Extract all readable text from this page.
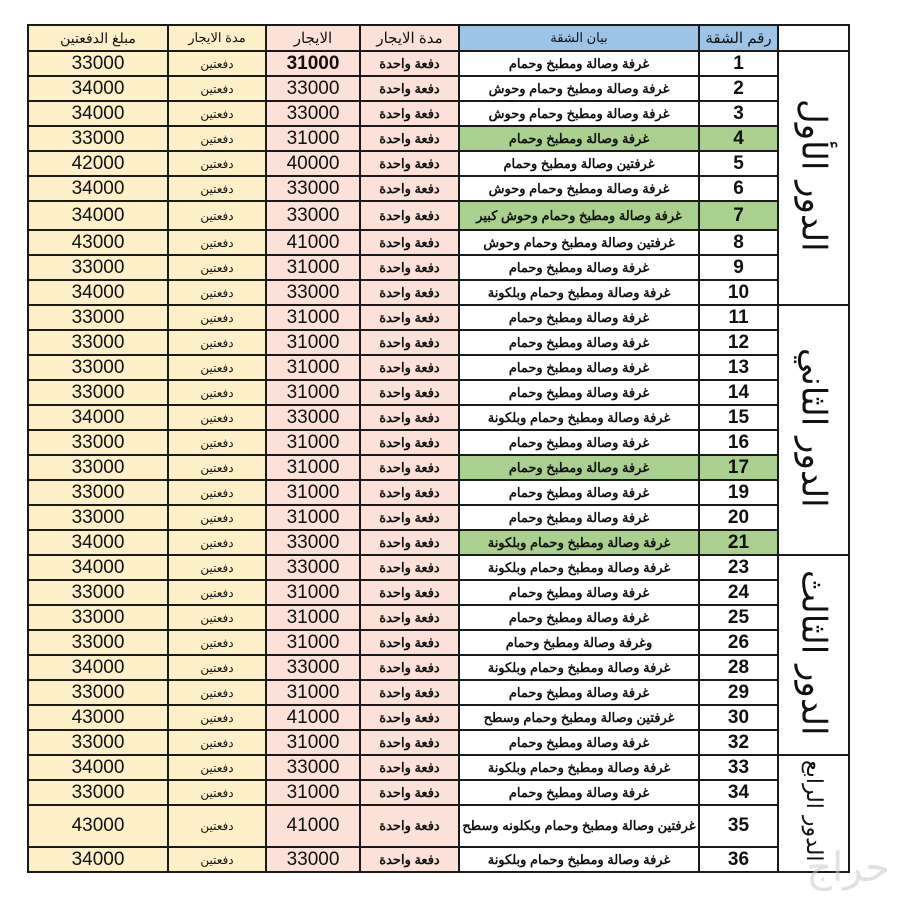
مبلغ الدفعتين	مدة الايجار	الايجار	مدة الايجار	بيان الشقة	رقم الشقة	
33000	دفعتين	31000	دفعة واحدة	غرفة وصالة ومطبخ وحمام	1	الدور الأول
34000	دفعتين	33000	دفعة واحدة	غرفة وصالة ومطبخ وحمام وحوش	2	
34000	دفعتين	33000	دفعة واحدة	غرفة وصالة ومطبخ وحمام وحوش	3	
33000	دفعتين	31000	دفعة واحدة	غرفة وصالة ومطبخ وحمام	4	
42000	دفعتين	40000	دفعة واحدة	غرفتين وصالة ومطبخ وحمام	5	
34000	دفعتين	33000	دفعة واحدة	غرفة وصالة ومطبخ وحمام وحوش	6	
34000	دفعتين	33000	دفعة واحدة	غرفة وصالة ومطبخ وحمام وحوش كبير	7	
43000	دفعتين	41000	دفعة واحدة	غرفتين وصالة ومطبخ وحمام وحوش	8	
33000	دفعتين	31000	دفعة واحدة	غرفة وصالة ومطبخ وحمام	9	
34000	دفعتين	33000	دفعة واحدة	غرفة وصالة ومطبخ وحمام وبلكونة	10	
33000	دفعتين	31000	دفعة واحدة	غرفة وصالة ومطبخ وحمام	11	الدور الثاني
33000	دفعتين	31000	دفعة واحدة	غرفة وصالة ومطبخ وحمام	12	
33000	دفعتين	31000	دفعة واحدة	غرفة وصالة ومطبخ وحمام	13	
33000	دفعتين	31000	دفعة واحدة	غرفة وصالة ومطبخ وحمام	14	
34000	دفعتين	33000	دفعة واحدة	غرفة وصالة ومطبخ وحمام وبلكونة	15	
33000	دفعتين	31000	دفعة واحدة	غرفة وصالة ومطبخ وحمام	16	
33000	دفعتين	31000	دفعة واحدة	غرفة وصالة ومطبخ وحمام	17	
33000	دفعتين	31000	دفعة واحدة	غرفة وصالة ومطبخ وحمام	19	
33000	دفعتين	31000	دفعة واحدة	غرفة وصالة ومطبخ وحمام	20	
34000	دفعتين	33000	دفعة واحدة	غرفة وصالة ومطبخ وحمام وبلكونة	21	
34000	دفعتين	33000	دفعة واحدة	غرفة وصالة ومطبخ وحمام وبلكونة	23	الدور الثالث
33000	دفعتين	31000	دفعة واحدة	غرفة وصالة ومطبخ وحمام	24	
33000	دفعتين	31000	دفعة واحدة	غرفة وصالة ومطبخ وحمام	25	
33000	دفعتين	31000	دفعة واحدة	وغرفة وصالة ومطبخ وحمام	26	
34000	دفعتين	33000	دفعة واحدة	غرفة وصالة ومطبخ وحمام وبلكونة	28	
33000	دفعتين	31000	دفعة واحدة	غرفة وصالة ومطبخ وحمام	29	
43000	دفعتين	41000	دفعة واحدة	غرفتين وصالة ومطبخ وحمام وسطح	30	
33000	دفعتين	31000	دفعة واحدة	غرفة وصالة ومطبخ وحمام	32	
34000	دفعتين	33000	دفعة واحدة	غرفة وصالة ومطبخ وحمام وبلكونة	33	الدور الرابع
33000	دفعتين	31000	دفعة واحدة	غرفة وصالة ومطبخ وحمام	34	
43000	دفعتين	41000	دفعة واحدة	غرفتين وصالة ومطبخ وحمام وبكلونه وسطح	35	
34000	دفعتين	33000	دفعة واحدة	غرفة وصالة ومطبخ وحمام وبلكونة	36		حراج
